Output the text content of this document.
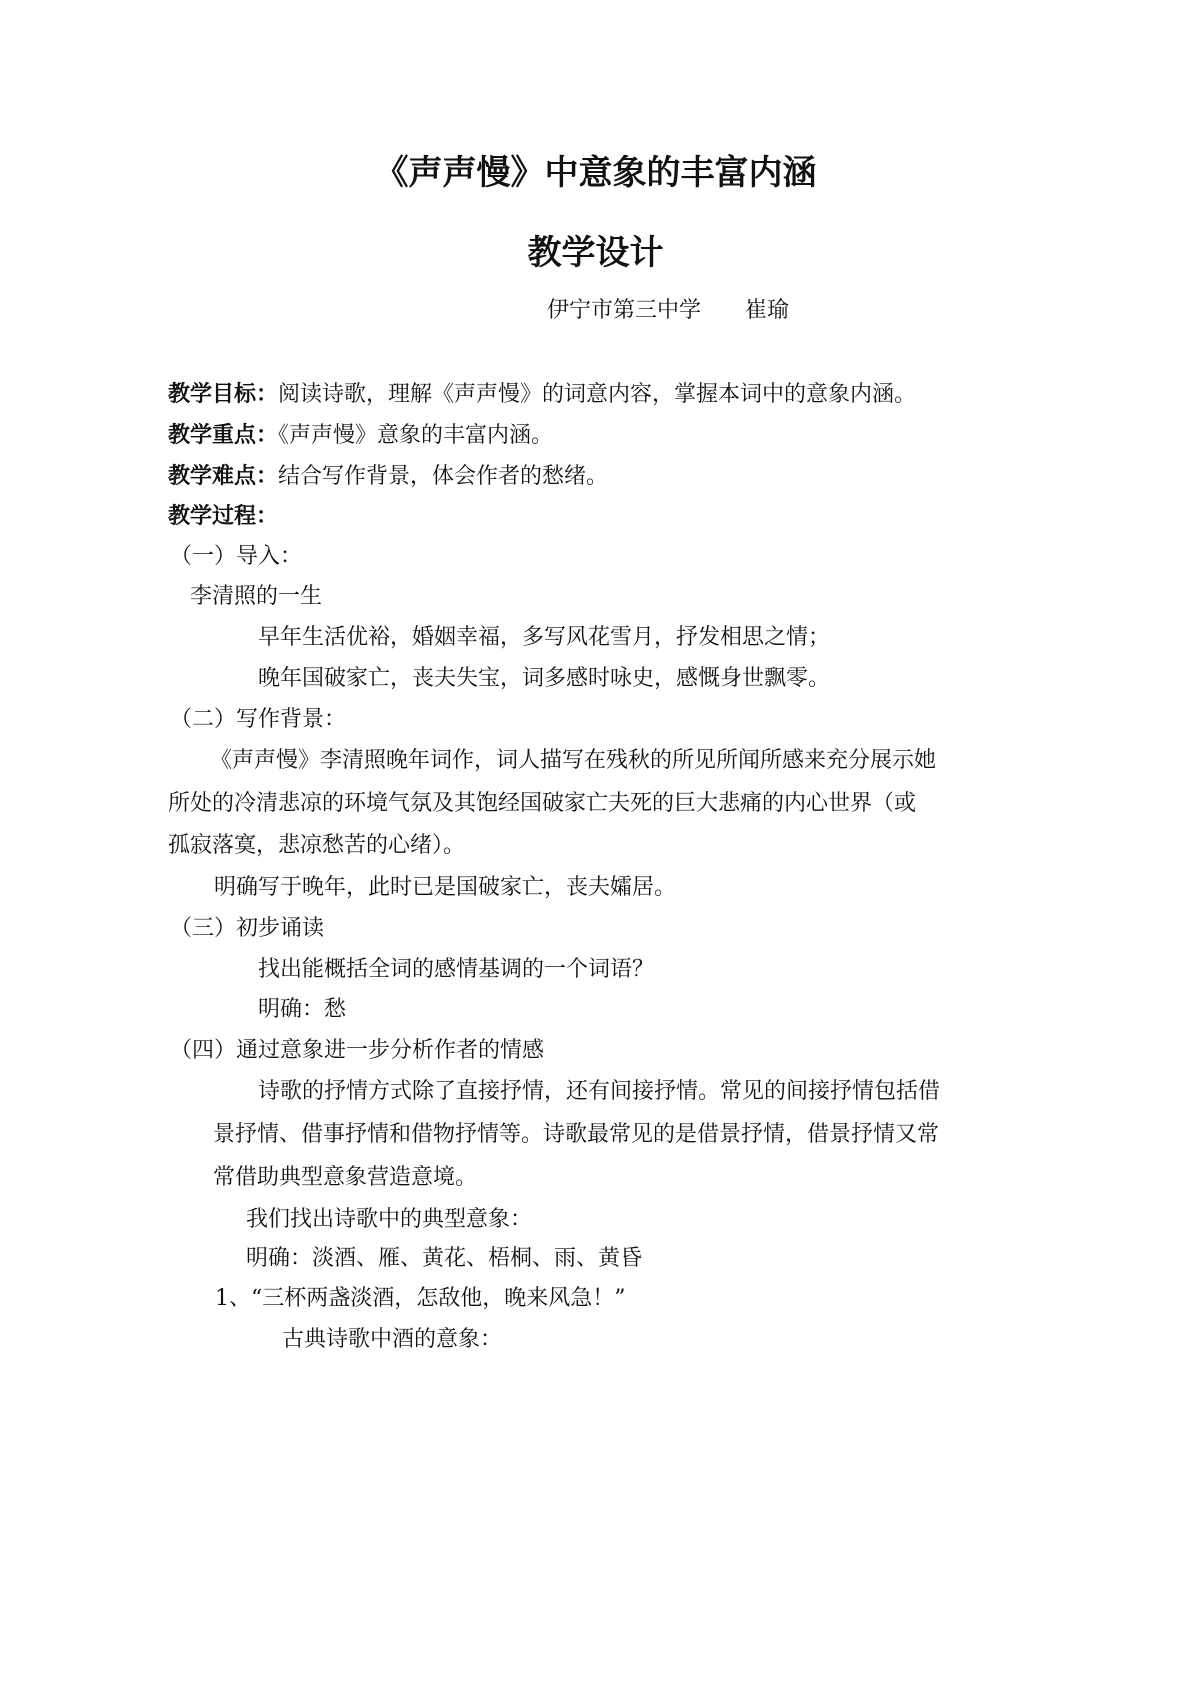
《声声慢》中意象的丰富内涵
教学设计
伊宁市第三中学　　崔瑜
教学目标：阅读诗歌，理解《声声慢》的词意内容，掌握本词中的意象内涵。
教学重点：《声声慢》意象的丰富内涵。
教学难点：结合写作背景，体会作者的愁绪。
教学过程：
（一）导入：
李清照的一生
早年生活优裕，婚姻幸福，多写风花雪月，抒发相思之情；
晚年国破家亡，丧夫失宝，词多感时咏史，感慨身世飘零。
（二）写作背景：
《声声慢》李清照晚年词作，词人描写在残秋的所见所闻所感来充分展示她
所处的冷清悲凉的环境气氛及其饱经国破家亡夫死的巨大悲痛的内心世界（或
孤寂落寞，悲凉愁苦的心绪）。
明确写于晚年，此时已是国破家亡，丧夫孀居。
（三）初步诵读
找出能概括全词的感情基调的一个词语？
明确：愁
（四）通过意象进一步分析作者的情感
诗歌的抒情方式除了直接抒情，还有间接抒情。常见的间接抒情包括借
景抒情、借事抒情和借物抒情等。诗歌最常见的是借景抒情，借景抒情又常
常借助典型意象营造意境。
我们找出诗歌中的典型意象：
明确：淡酒、雁、黄花、梧桐、雨、黄昏
1、“三杯两盏淡酒，怎敌他，晚来风急！”
古典诗歌中酒的意象：
